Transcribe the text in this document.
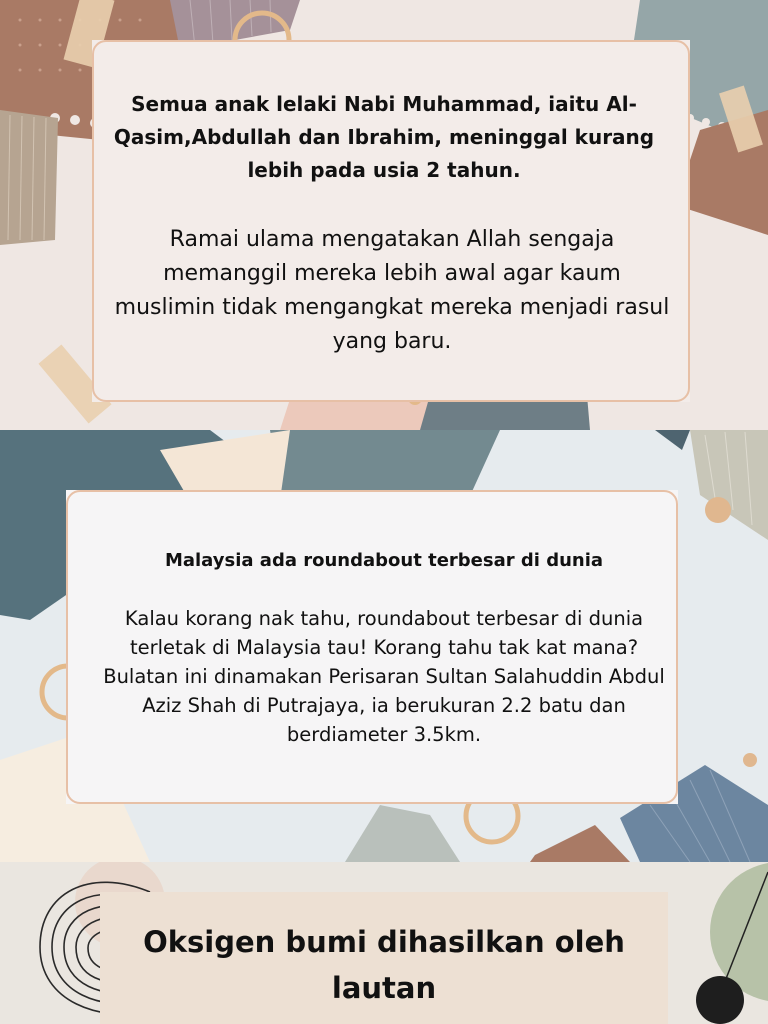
Semua anak lelaki Nabi Muhammad, iaitu Al-Qasim,Abdullah dan Ibrahim, meninggal kurang lebih pada usia 2 tahun.
Ramai ulama mengatakan Allah sengaja memanggil mereka lebih awal agar kaum muslimin tidak mengangkat mereka menjadi rasul yang baru.
Malaysia ada roundabout terbesar di dunia
Kalau korang nak tahu, roundabout terbesar di dunia terletak di Malaysia tau! Korang tahu tak kat mana? Bulatan ini dinamakan Perisaran Sultan Salahuddin Abdul Aziz Shah di Putrajaya, ia berukuran 2.2 batu dan berdiameter 3.5km.
Oksigen bumi dihasilkan oleh lautan
